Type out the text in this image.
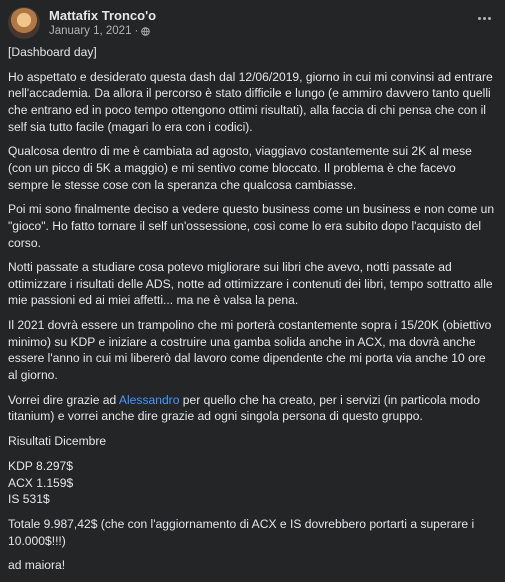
Mattafix Tronco'o
January 1, 2021 ·

[Dashboard day]

Ho aspettato e desiderato questa dash dal 12/06/2019, giorno in cui mi convinsi ad entrare nell'accademia. Da allora il percorso è stato difficile e lungo (e ammiro davvero tanto quelli che entrano ed in poco tempo ottengono ottimi risultati), alla faccia di chi pensa che con il self sia tutto facile (magari lo era con i codici).

Qualcosa dentro di me è cambiata ad agosto, viaggiavo costantemente sui 2K al mese (con un picco di 5K a maggio) e mi sentivo come bloccato. Il problema è che facevo sempre le stesse cose con la speranza che qualcosa cambiasse.

Poi mi sono finalmente deciso a vedere questo business come un business e non come un "gioco". Ho fatto tornare il self un'ossessione, così come lo era subito dopo l'acquisto del corso.

Notti passate a studiare cosa potevo migliorare sui libri che avevo, notti passate ad ottimizzare i risultati delle ADS, notte ad ottimizzare i contenuti dei libri, tempo sottratto alle mie passioni ed ai miei affetti... ma ne è valsa la pena.

Il 2021 dovrà essere un trampolino che mi porterà costantemente sopra i 15/20K (obiettivo minimo) su KDP e iniziare a costruire una gamba solida anche in ACX, ma dovrà anche essere l'anno in cui mi libererò dal lavoro come dipendente che mi porta via anche 10 ore al giorno.

Vorrei dire grazie ad Alessandro per quello che ha creato, per i servizi (in particola modo titanium) e vorrei anche dire grazie ad ogni singola persona di questo gruppo.

Risultati Dicembre

KDP 8.297$

ACX 1.159$

IS 531$

Totale 9.987,42$ (che con l'aggiornamento di ACX e IS dovrebbero portarti a superare i 10.000$!!!)

ad maiora!
